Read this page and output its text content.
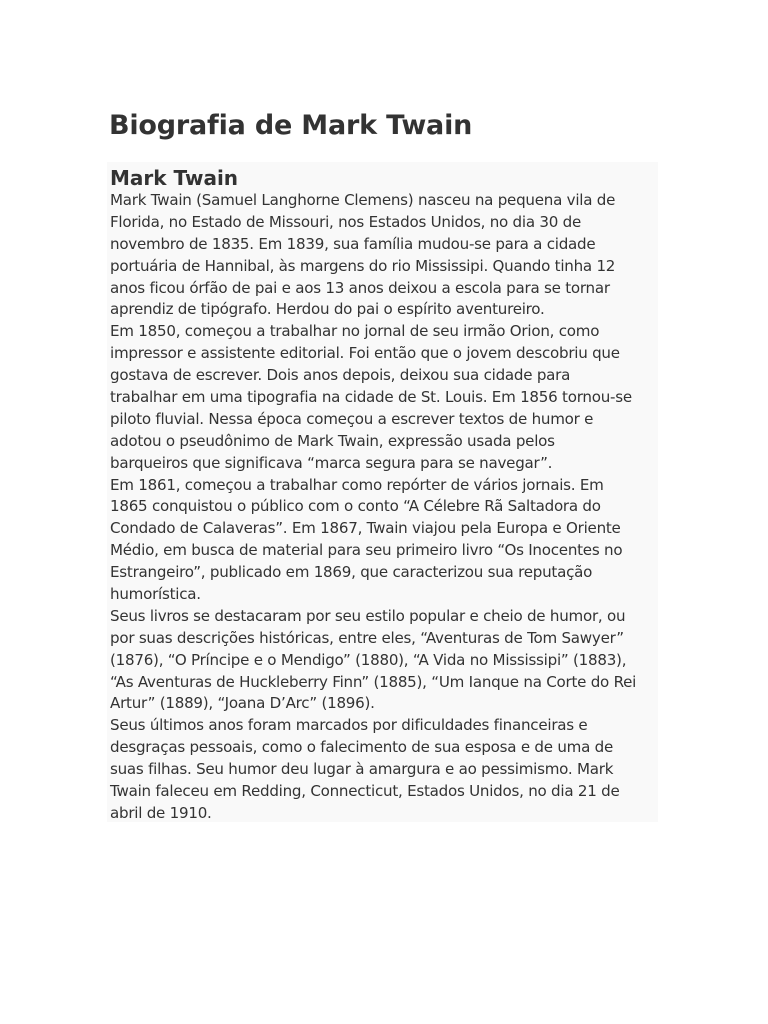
Biografia de Mark Twain
Mark Twain
Mark Twain (Samuel Langhorne Clemens) nasceu na pequena vila de
Florida, no Estado de Missouri, nos Estados Unidos, no dia 30 de
novembro de 1835. Em 1839, sua família mudou-se para a cidade
portuária de Hannibal, às margens do rio Mississipi. Quando tinha 12
anos ficou órfão de pai e aos 13 anos deixou a escola para se tornar
aprendiz de tipógrafo. Herdou do pai o espírito aventureiro.
Em 1850, começou a trabalhar no jornal de seu irmão Orion, como
impressor e assistente editorial. Foi então que o jovem descobriu que
gostava de escrever. Dois anos depois, deixou sua cidade para
trabalhar em uma tipografia na cidade de St. Louis. Em 1856 tornou-se
piloto fluvial. Nessa época começou a escrever textos de humor e
adotou o pseudônimo de Mark Twain, expressão usada pelos
barqueiros que significava “marca segura para se navegar”.
Em 1861, começou a trabalhar como repórter de vários jornais. Em
1865 conquistou o público com o conto “A Célebre Rã Saltadora do
Condado de Calaveras”. Em 1867, Twain viajou pela Europa e Oriente
Médio, em busca de material para seu primeiro livro “Os Inocentes no
Estrangeiro”, publicado em 1869, que caracterizou sua reputação
humorística.
Seus livros se destacaram por seu estilo popular e cheio de humor, ou
por suas descrições históricas, entre eles, “Aventuras de Tom Sawyer”
(1876), “O Príncipe e o Mendigo” (1880), “A Vida no Mississipi” (1883),
“As Aventuras de Huckleberry Finn” (1885), “Um Ianque na Corte do Rei
Artur” (1889), “Joana D’Arc” (1896).
Seus últimos anos foram marcados por dificuldades financeiras e
desgraças pessoais, como o falecimento de sua esposa e de uma de
suas filhas. Seu humor deu lugar à amargura e ao pessimismo. Mark
Twain faleceu em Redding, Connecticut, Estados Unidos, no dia 21 de
abril de 1910.
